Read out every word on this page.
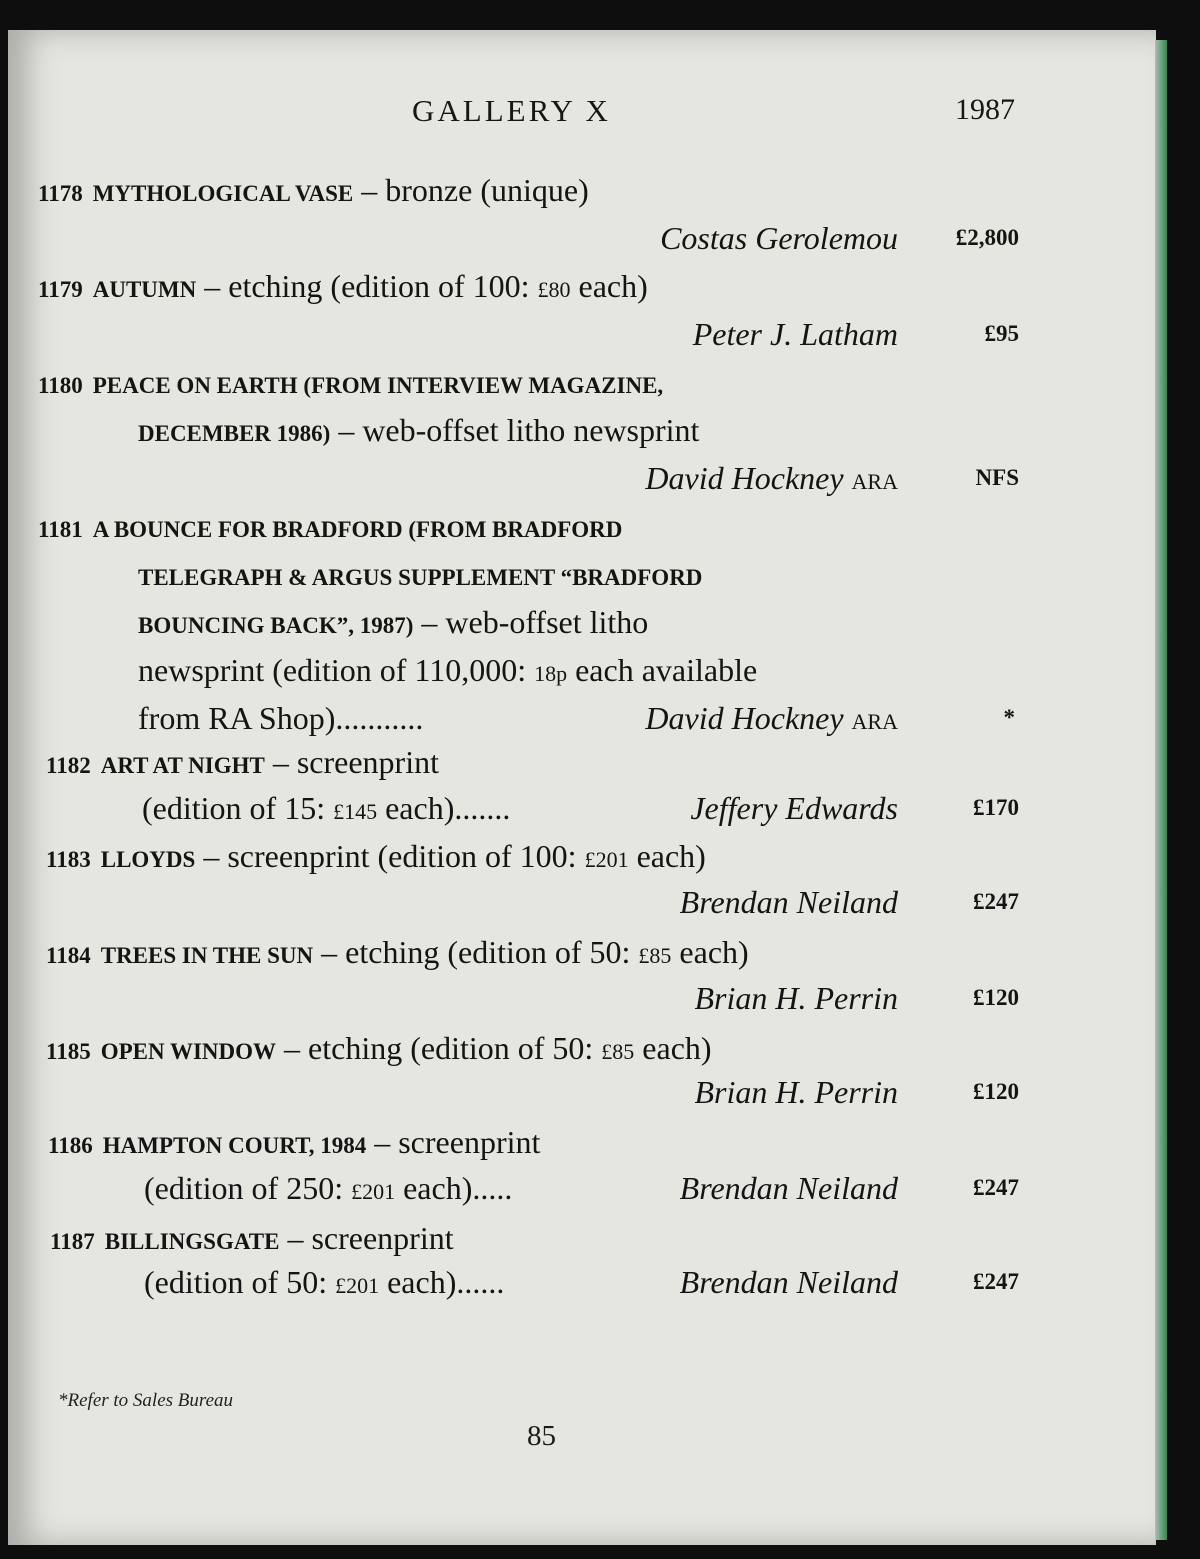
GALLERY X	1987
1178 MYTHOLOGICAL VASE – bronze (unique)
Costas Gerolemou	£2,800
1179 AUTUMN – etching (edition of 100: £80 each)
Peter J. Latham	£95
1180 PEACE ON EARTH (FROM INTERVIEW MAGAZINE,
DECEMBER 1986) – web-offset litho newsprint
David Hockney ARA	NFS
1181 A BOUNCE FOR BRADFORD (FROM BRADFORD
TELEGRAPH & ARGUS SUPPLEMENT “BRADFORD
BOUNCING BACK”, 1987) – web-offset litho
newsprint (edition of 110,000: 18p each available
from RA Shop)...........	David Hockney ARA	*
1182 ART AT NIGHT – screenprint
(edition of 15: £145 each).......	Jeffery Edwards	£170
1183 LLOYDS – screenprint (edition of 100: £201 each)
Brendan Neiland	£247
1184 TREES IN THE SUN – etching (edition of 50: £85 each)
Brian H. Perrin	£120
1185 OPEN WINDOW – etching (edition of 50: £85 each)
Brian H. Perrin	£120
1186 HAMPTON COURT, 1984 – screenprint
(edition of 250: £201 each).....	Brendan Neiland	£247
1187 BILLINGSGATE – screenprint
(edition of 50: £201 each)......	Brendan Neiland	£247
*Refer to Sales Bureau
85
